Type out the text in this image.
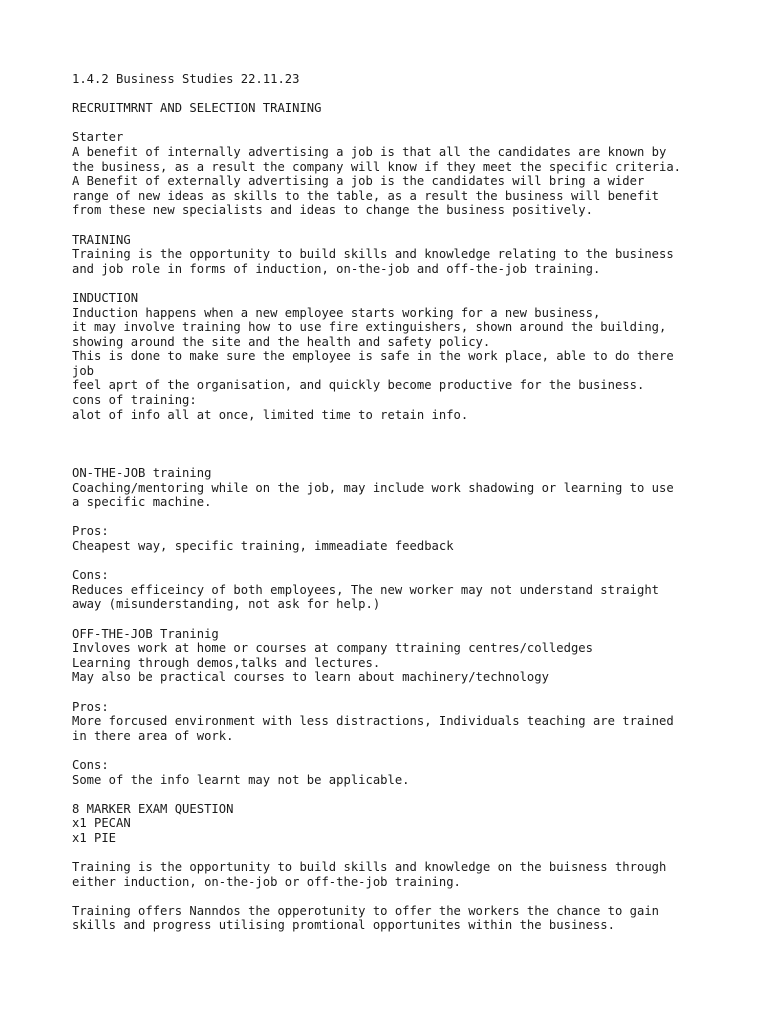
1.4.2 Business Studies 22.11.23
RECRUITMRNT AND SELECTION TRAINING
Starter
A benefit of internally advertising a job is that all the candidates are known by
the business, as a result the company will know if they meet the specific criteria.
A Benefit of externally advertising a job is the candidates will bring a wider
range of new ideas as skills to the table, as a result the business will benefit
from these new specialists and ideas to change the business positively.
TRAINING
Training is the opportunity to build skills and knowledge relating to the business
and job role in forms of induction, on-the-job and off-the-job training.
INDUCTION
Induction happens when a new employee starts working for a new business,
it may involve training how to use fire extinguishers, shown around the building,
showing around the site and the health and safety policy.
This is done to make sure the employee is safe in the work place, able to do there
job
feel aprt of the organisation, and quickly become productive for the business.
cons of training:
alot of info all at once, limited time to retain info.
ON-THE-JOB training
Coaching/mentoring while on the job, may include work shadowing or learning to use
a specific machine.
Pros:
Cheapest way, specific training, immeadiate feedback
Cons:
Reduces efficeincy of both employees, The new worker may not understand straight
away (misunderstanding, not ask for help.)
OFF-THE-JOB Traninig
Invloves work at home or courses at company ttraining centres/colledges
Learning through demos,talks and lectures.
May also be practical courses to learn about machinery/technology
Pros:
More forcused environment with less distractions, Individuals teaching are trained
in there area of work.
Cons:
Some of the info learnt may not be applicable.
8 MARKER EXAM QUESTION
x1 PECAN
x1 PIE
Training is the opportunity to build skills and knowledge on the buisness through
either induction, on-the-job or off-the-job training.
Training offers Nanndos the opperotunity to offer the workers the chance to gain
skills and progress utilising promtional opportunites within the business.
